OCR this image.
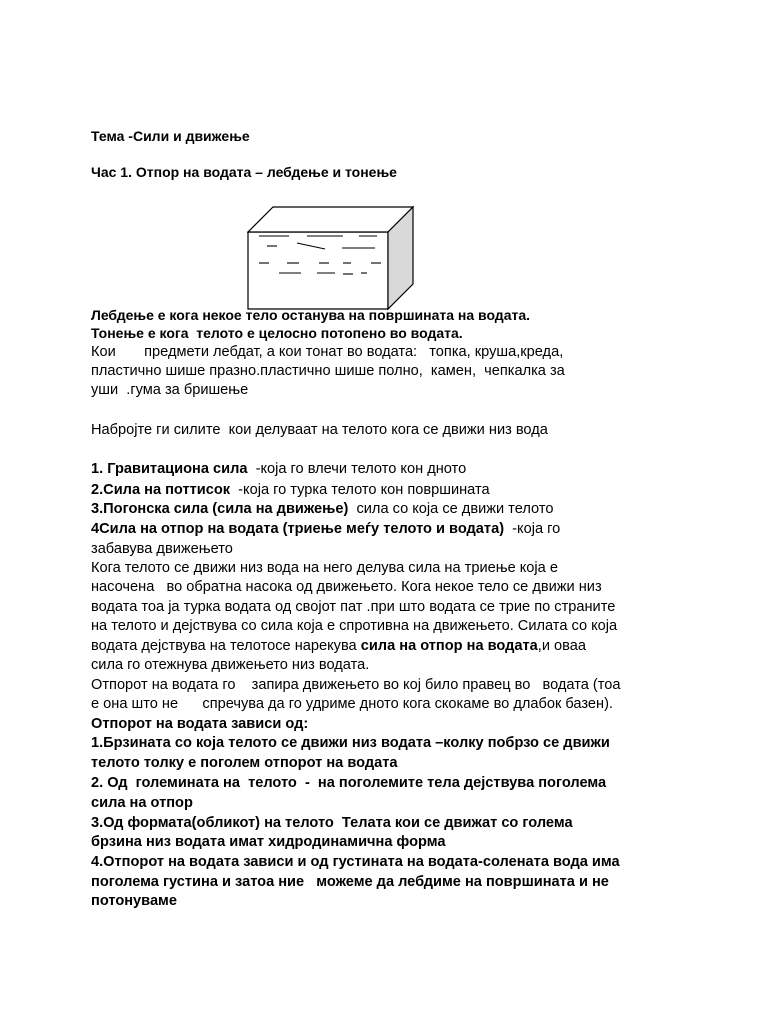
Тема -Сили и движење

Час 1. Отпор на водата – лебдење и тонење

Лебдење е кога некое тело останува на површината на водата.

Тонење е кога  телото е целосно потопено во водата.

Кои       предмети лебдат, а кои тонат во водата:   топка, круша,креда,

пластично шише празно.пластично шише полно,  камен,  чепкалка за

уши  .гума за бришење

Набројте ги силите  кои делуваат на телото кога се движи низ вода

1. Гравитациона сила  -која го влечи телото кон дното

2.Сила на поттисок  -која го турка телото кон површината

3.Погонска сила (сила на движење)  сила со која се движи телото

4Сила на отпор на водата (триење меѓу телото и водата)  -која го

забавува движењето

Кога телото се движи низ вода на него делува сила на триење која е

насочена   во обратна насока од движењето. Кога некое тело се движи низ

водата тоа ја турка водата од својот пат .при што водата се трие по страните

на телото и дејствува со сила која е спротивна на движењето. Силата со која

водата дејствува на телотосе нарекува сила на отпор на водата,и оваа

сила го отежнува движењето низ водата.

Отпорот на водата го    запира движењето во кој било правец во   водата (тоа

е она што не      спречува да го удриме дното кога скокаме во длабок базен).

Отпорот на водата зависи од:

1.Брзината со која телото се движи низ водата –колку побрзо се движи

телото толку е поголем отпорот на водата

2. Од  големината на  телото  -  на поголемите тела дејствува поголема

сила на отпор

3.Од формата(обликот) на телото  Телата кои се движат со голема

брзина низ водата имат хидродинамична форма

4.Отпорот на водата зависи и од густината на водата-солената вода има

поголема густина и затоа ние   можеме да лебдиме на површината и не

потонуваме
